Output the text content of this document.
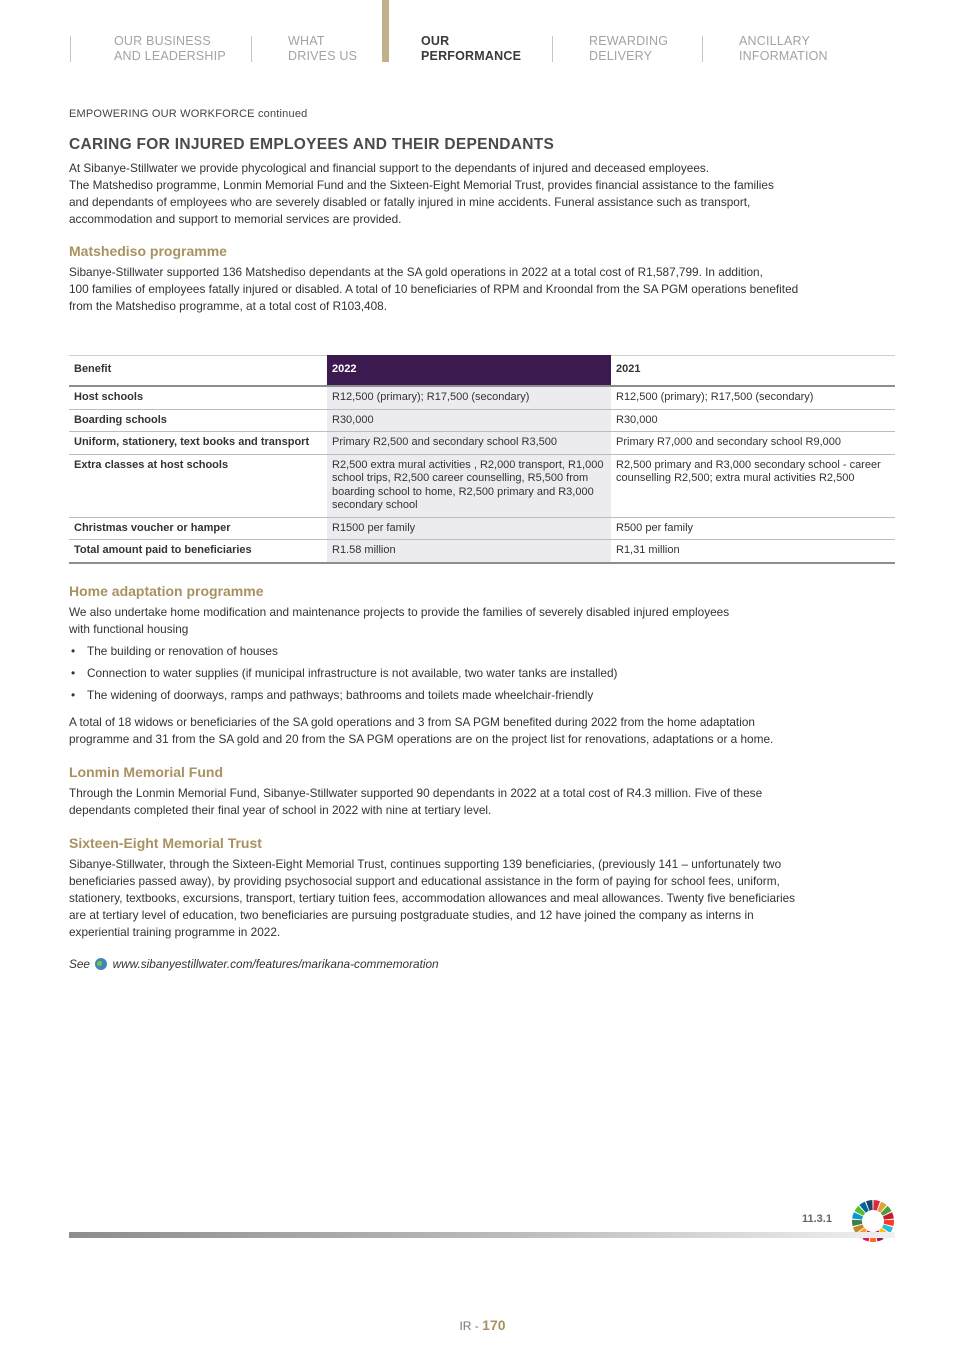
OUR BUSINESS
AND LEADERSHIP
WHAT
DRIVES US
OUR
PERFORMANCE
REWARDING
DELIVERY
ANCILLARY
INFORMATION
EMPOWERING OUR WORKFORCE continued
CARING FOR INJURED EMPLOYEES AND THEIR DEPENDANTS

At Sibanye-Stillwater we provide phycological and financial support to the dependants of injured and deceased employees.

The Matshediso programme, Lonmin Memorial Fund and the Sixteen-Eight Memorial Trust, provides financial assistance to the families

and dependants of employees who are severely disabled or fatally injured in mine accidents. Funeral assistance such as transport,

accommodation and support to memorial services are provided.

Matshediso programme

Sibanye-Stillwater supported 136 Matshediso dependants at the SA gold operations in 2022 at a total cost of R1,587,799. In addition,

100 families of employees fatally injured or disabled. A total of 10 beneficiaries of RPM and Kroondal from the SA PGM operations benefited

from the Matshediso programme, at a total cost of R103,408.

Benefit	2022	2021
Host schools	R12,500 (primary); R17,500 (secondary)	R12,500 (primary); R17,500 (secondary)
Boarding schools	R30,000	R30,000
Uniform, stationery, text books and transport	Primary R2,500 and secondary school R3,500	Primary R7,000 and secondary school R9,000
Extra classes at host schools	R2,500 extra mural activities , R2,000 transport, R1,000 school trips, R2,500 career counselling, R5,500 from boarding school to home, R2,500 primary and R3,000 secondary school	R2,500 primary and R3,000 secondary school - career counselling R2,500; extra mural activities R2,500
Christmas voucher or hamper	R1500 per family	R500 per family
Total amount paid to beneficiaries	R1.58 million	R1,31 million
Home adaptation programme

We also undertake home modification and maintenance projects to provide the families of severely disabled injured employees

with functional housing

• The building or renovation of houses
• Connection to water supplies (if municipal infrastructure is not available, two water tanks are installed)
• The widening of doorways, ramps and pathways; bathrooms and toilets made wheelchair-friendly

A total of 18 widows or beneficiaries of the SA gold operations and 3 from SA PGM benefited during 2022 from the home adaptation

programme and 31 from the SA gold and 20 from the SA PGM operations are on the project list for renovations, adaptations or a home.

Lonmin Memorial Fund

Through the Lonmin Memorial Fund, Sibanye-Stillwater supported 90 dependants in 2022 at a total cost of R4.3 million. Five of these

dependants completed their final year of school in 2022 with nine at tertiary level.

Sixteen-Eight Memorial Trust

Sibanye-Stillwater, through the Sixteen-Eight Memorial Trust, continues supporting 139 beneficiaries, (previously 141 – unfortunately two

beneficiaries passed away), by providing psychosocial support and educational assistance in the form of paying for school fees, uniform,

stationery, textbooks, excursions, transport, tertiary tuition fees, accommodation allowances and meal allowances. Twenty five beneficiaries

are at tertiary level of education, two beneficiaries are pursuing postgraduate studies, and 12 have joined the company as interns in

experiential training programme in 2022.

See www.sibanyestillwater.com/features/marikana-commemoration
11.3.1
IR - 170
